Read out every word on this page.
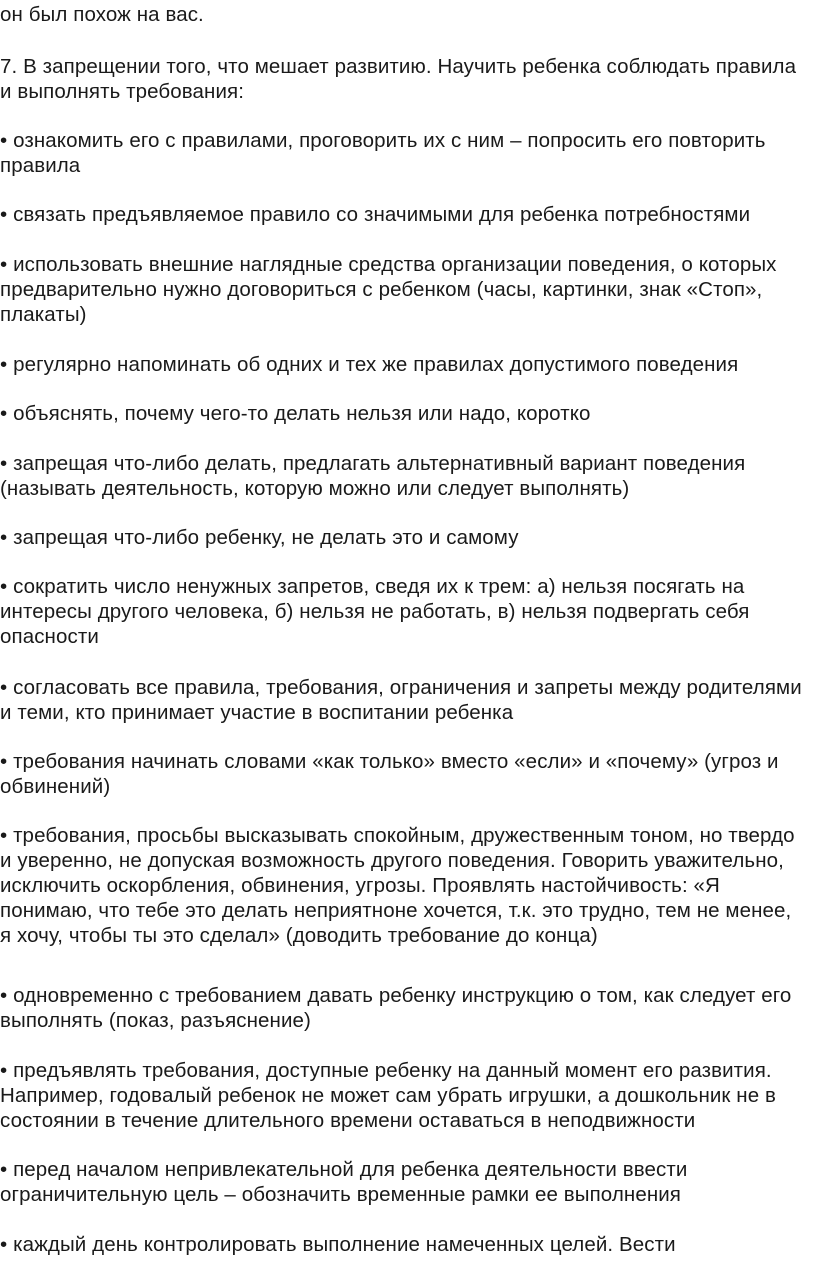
он был похож на вас.

7. В запрещении того, что мешает развитию. Научить ребенка соблюдать правила
и выполнять требования:

• ознакомить его с правилами, проговорить их с ним – попросить его повторить
правила

• связать предъявляемое правило со значимыми для ребенка потребностями

• использовать внешние наглядные средства организации поведения, о которых
предварительно нужно договориться с ребенком (часы, картинки, знак «Стоп»,
плакаты)

• регулярно напоминать об одних и тех же правилах допустимого поведения

• объяснять, почему чего-то делать нельзя или надо, коротко

• запрещая что-либо делать, предлагать альтернативный вариант поведения
(называть деятельность, которую можно или следует выполнять)

• запрещая что-либо ребенку, не делать это и самому

• сократить число ненужных запретов, сведя их к трем: а) нельзя посягать на
интересы другого человека, б) нельзя не работать, в) нельзя подвергать себя
опасности

• согласовать все правила, требования, ограничения и запреты между родителями
и теми, кто принимает участие в воспитании ребенка

• требования начинать словами «как только» вместо «если» и «почему» (угроз и
обвинений)

• требования, просьбы высказывать спокойным, дружественным тоном, но твердо
и уверенно, не допуская возможность другого поведения. Говорить уважительно,
исключить оскорбления, обвинения, угрозы. Проявлять настойчивость: «Я
понимаю, что тебе это делать неприятноне хочется, т.к. это трудно, тем не менее,
я хочу, чтобы ты это сделал» (доводить требование до конца)

• одновременно с требованием давать ребенку инструкцию о том, как следует его
выполнять (показ, разъяснение)

• предъявлять требования, доступные ребенку на данный момент его развития.
Например, годовалый ребенок не может сам убрать игрушки, а дошкольник не в
состоянии в течение длительного времени оставаться в неподвижности

• перед началом непривлекательной для ребенка деятельности ввести
ограничительную цель – обозначить временные рамки ее выполнения

• каждый день контролировать выполнение намеченных целей. Вести
